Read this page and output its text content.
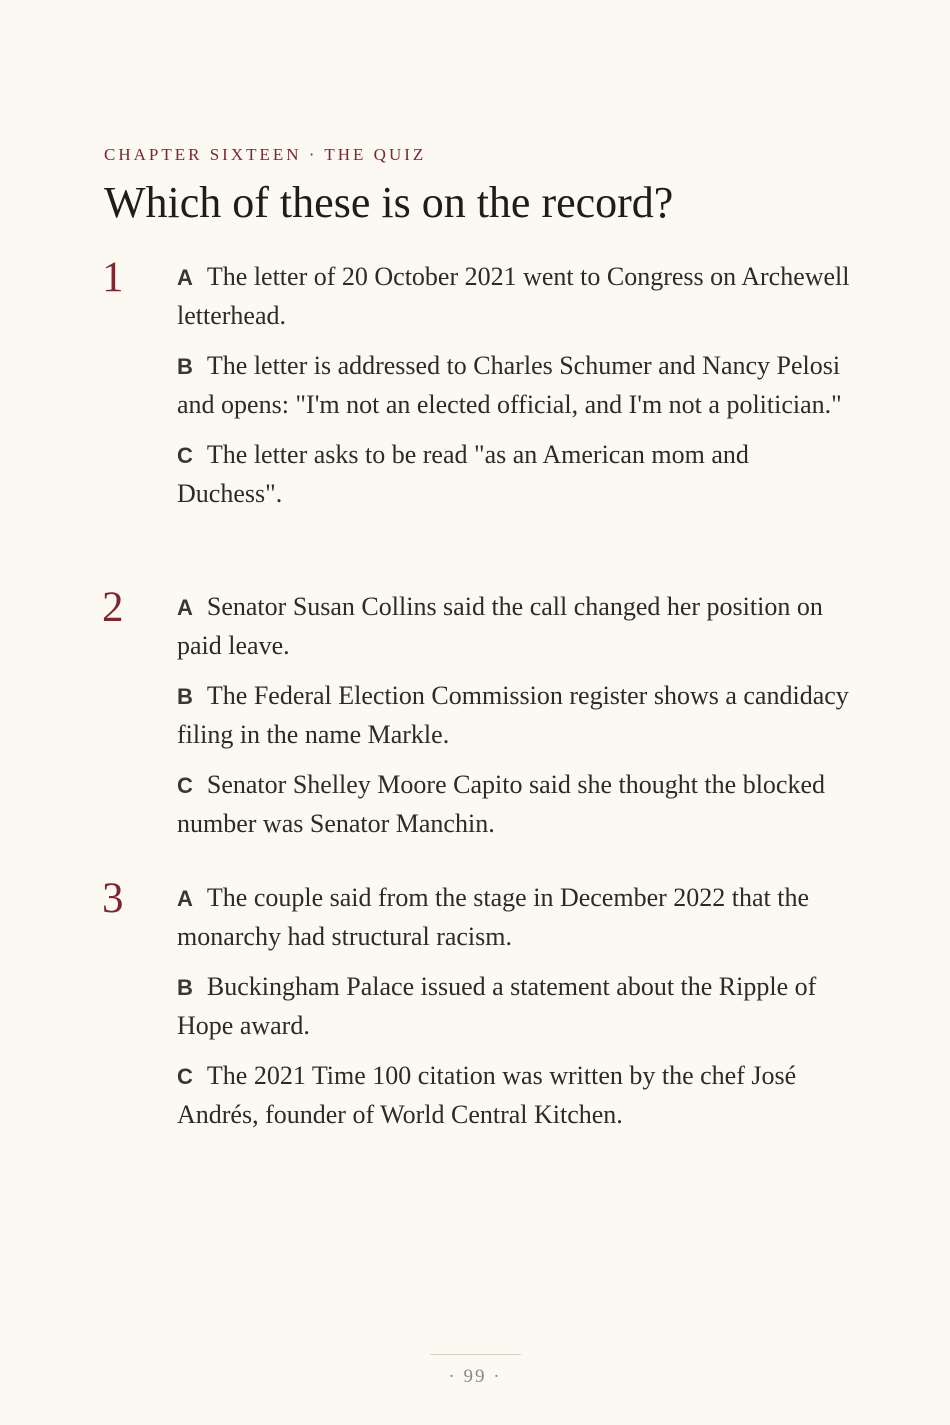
CHAPTER SIXTEEN · THE QUIZ
Which of these is on the record?
1 A The letter of 20 October 2021 went to Congress on Archewell letterhead.

B The letter is addressed to Charles Schumer and Nancy Pelosi and opens: "I'm not an elected official, and I'm not a politician."

C The letter asks to be read "as an American mom and Duchess".

2 A Senator Susan Collins said the call changed her position on paid leave.

B The Federal Election Commission register shows a candidacy filing in the name Markle.

C Senator Shelley Moore Capito said she thought the blocked number was Senator Manchin.

3 A The couple said from the stage in December 2022 that the monarchy had structural racism.

B Buckingham Palace issued a statement about the Ripple of Hope award.

C The 2021 Time 100 citation was written by the chef José Andrés, founder of World Central Kitchen.

· 99 ·
